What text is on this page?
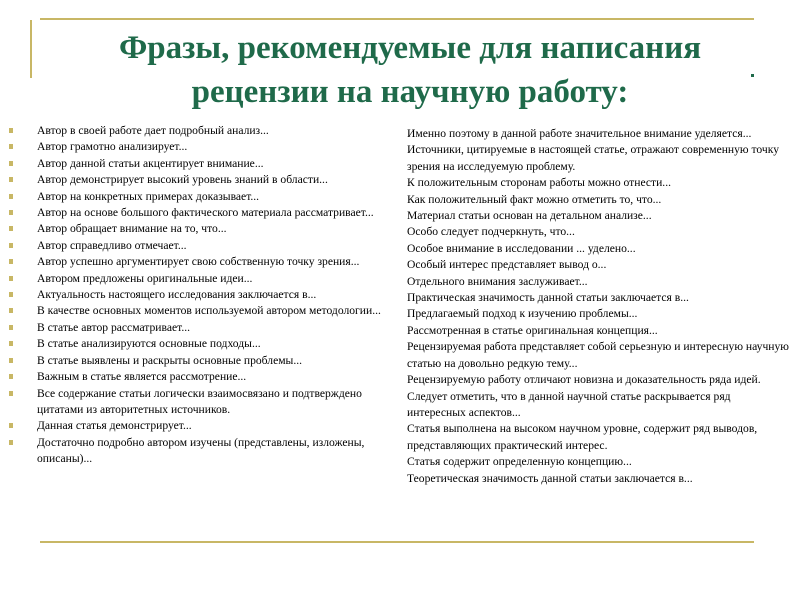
Фразы, рекомендуемые для написания
рецензии на научную работу:
Автор в своей работе дает подробный анализ...
Автор грамотно анализирует...
Автор данной статьи акцентирует внимание...
Автор демонстрирует высокий уровень знаний в области...
Автор на конкретных примерах доказывает...
Автор на основе большого фактического материала рассматривает...
Автор обращает внимание на то, что...
Автор справедливо отмечает...
Автор успешно аргументирует свою собственную точку зрения...
Автором предложены оригинальные идеи...
Актуальность настоящего исследования заключается в...
В качестве основных моментов используемой автором методологии...
В статье автор рассматривает...
В статье анализируются основные подходы...
В статье выявлены и раскрыты основные проблемы...
Важным в статье является рассмотрение...
Все содержание статьи логически взаимосвязано и подтверждено цитатами из авторитетных источников.
Данная статья демонстрирует...
Достаточно подробно автором изучены (представлены, изложены, описаны)...
Именно поэтому в данной работе значительное внимание уделяется...
Источники, цитируемые в настоящей статье, отражают современную точку зрения на исследуемую проблему.
К положительным сторонам работы можно отнести...
Как положительный факт можно отметить то, что...
Материал статьи основан на детальном анализе...
Особо следует подчеркнуть, что...
Особое внимание в исследовании ... уделено...
Особый интерес представляет вывод о...
Отдельного внимания заслуживает...
Практическая значимость данной статьи заключается в...
Предлагаемый подход к изучению проблемы...
Рассмотренная в статье оригинальная концепция...
Рецензируемая работа представляет собой серьезную и интересную научную статью на довольно редкую тему...
Рецензируемую работу отличают новизна и доказательность ряда идей.
Следует отметить, что в данной научной статье раскрывается ряд интересных аспектов...
Статья выполнена на высоком научном уровне, содержит ряд выводов, представляющих практический интерес.
Статья содержит определенную концепцию...
Теоретическая значимость данной статьи заключается в...
